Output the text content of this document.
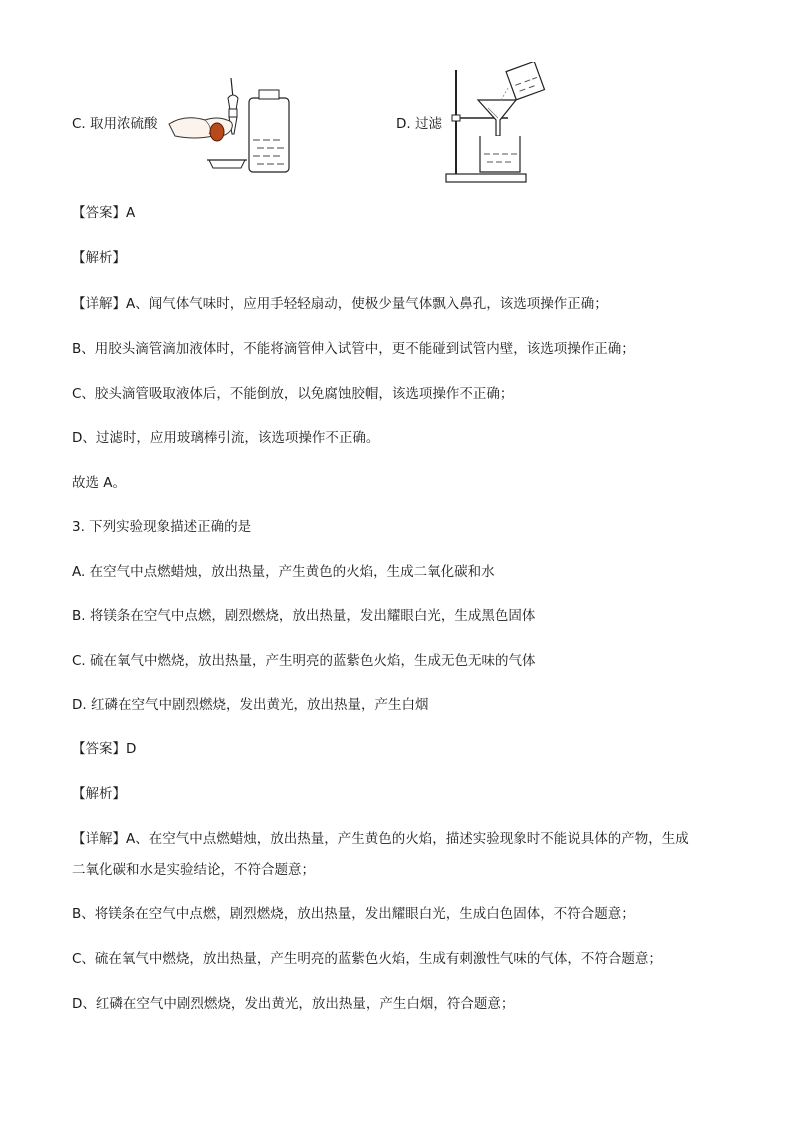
C. 取用浓硫酸	D. 过滤
【答案】A
【解析】
【详解】A、闻气体气味时，应用手轻轻扇动，使极少量气体飘入鼻孔，该选项操作正确；
B、用胶头滴管滴加液体时，不能将滴管伸入试管中，更不能碰到试管内壁，该选项操作正确；
C、胶头滴管吸取液体后，不能倒放，以免腐蚀胶帽，该选项操作不正确；
D、过滤时，应用玻璃棒引流，该选项操作不正确。
故选 A。
3. 下列实验现象描述正确的是
A. 在空气中点燃蜡烛，放出热量，产生黄色的火焰，生成二氧化碳和水
B. 将镁条在空气中点燃，剧烈燃烧，放出热量，发出耀眼白光，生成黑色固体
C. 硫在氧气中燃烧，放出热量，产生明亮的蓝紫色火焰，生成无色无味的气体
D. 红磷在空气中剧烈燃烧，发出黄光，放出热量，产生白烟
【答案】D
【解析】
【详解】A、在空气中点燃蜡烛，放出热量，产生黄色的火焰，描述实验现象时不能说具体的产物，生成
二氧化碳和水是实验结论，不符合题意；
B、将镁条在空气中点燃，剧烈燃烧，放出热量，发出耀眼白光，生成白色固体，不符合题意；
C、硫在氧气中燃烧，放出热量，产生明亮的蓝紫色火焰，生成有刺激性气味的气体，不符合题意；
D、红磷在空气中剧烈燃烧，发出黄光，放出热量，产生白烟，符合题意；
